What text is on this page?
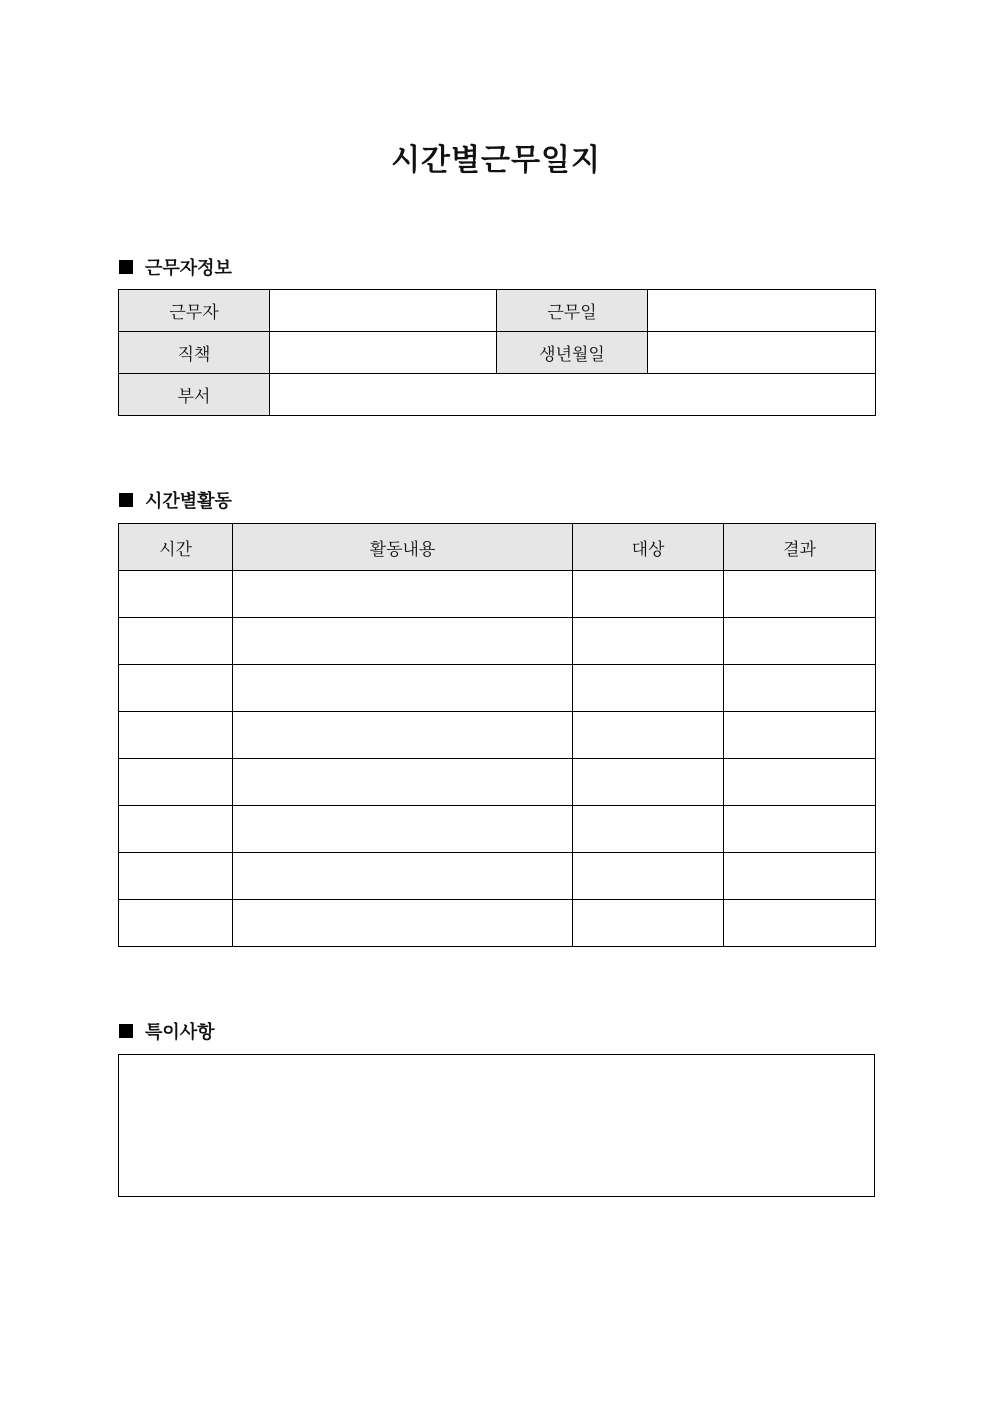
시간별근무일지
근무자정보
근무자		근무일	
직책		생년월일	
부서			
시간별활동
시간	활동내용	대상	결과

특이사항
